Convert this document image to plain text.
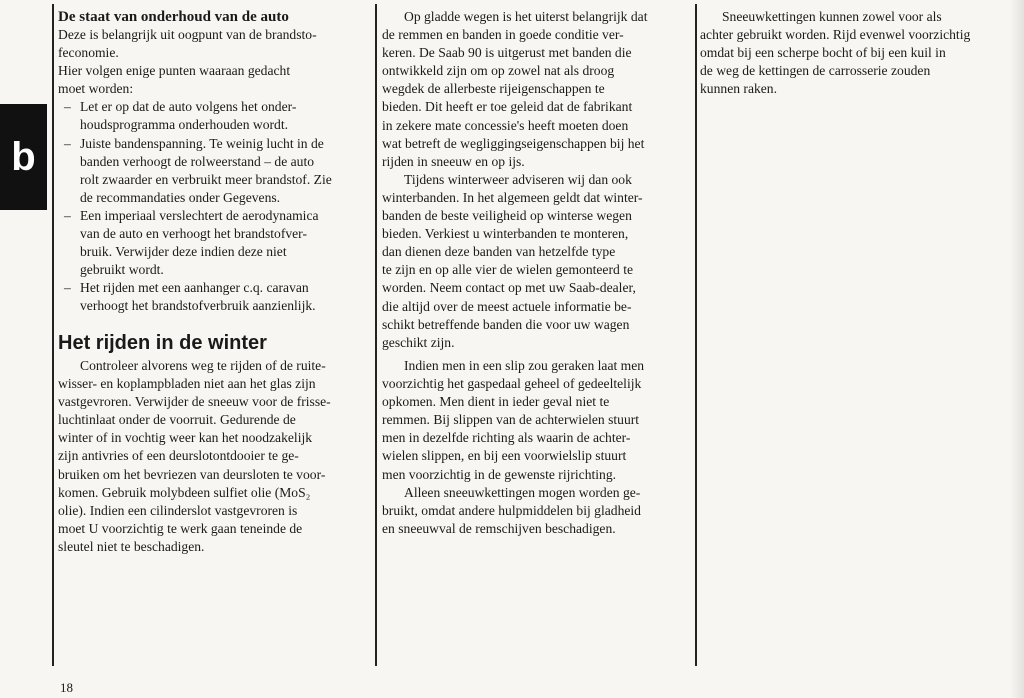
b
De staat van onderhoud van de auto
Deze is belangrijk uit oogpunt van de brandsto-
feconomie.
Hier volgen enige punten waaraan gedacht
moet worden:
– Let er op dat de auto volgens het onder-
houdsprogramma onderhouden wordt.
– Juiste bandenspanning. Te weinig lucht in de
banden verhoogt de rolweerstand – de auto
rolt zwaarder en verbruikt meer brandstof. Zie
de recommandaties onder Gegevens.
– Een imperiaal verslechtert de aerodynamica
van de auto en verhoogt het brandstofver-
bruik. Verwijder deze indien deze niet
gebruikt wordt.
– Het rijden met een aanhanger c.q. caravan
verhoogt het brandstofverbruik aanzienlijk.
Het rijden in de winter
Controleer alvorens weg te rijden of de ruite-
wisser- en koplampbladen niet aan het glas zijn
vastgevroren. Verwijder de sneeuw voor de frisse-
luchtinlaat onder de voorruit. Gedurende de
winter of in vochtig weer kan het noodzakelijk
zijn antivries of een deurslotontdooier te ge-
bruiken om het bevriezen van deursloten te voor-
komen. Gebruik molybdeen sulfiet olie (MoS₂
olie). Indien een cilinderslot vastgevroren is
moet U voorzichtig te werk gaan teneinde de
sleutel niet te beschadigen.
Op gladde wegen is het uiterst belangrijk dat
de remmen en banden in goede conditie ver-
keren. De Saab 90 is uitgerust met banden die
ontwikkeld zijn om op zowel nat als droog
wegdek de allerbeste rijeigenschappen te
bieden. Dit heeft er toe geleid dat de fabrikant
in zekere mate concessie's heeft moeten doen
wat betreft de wegliggingseigenschappen bij het
rijden in sneeuw en op ijs.
Tijdens winterweer adviseren wij dan ook
winterbanden. In het algemeen geldt dat winter-
banden de beste veiligheid op winterse wegen
bieden. Verkiest u winterbanden te monteren,
dan dienen deze banden van hetzelfde type
te zijn en op alle vier de wielen gemonteerd te
worden. Neem contact op met uw Saab-dealer,
die altijd over de meest actuele informatie be-
schikt betreffende banden die voor uw wagen
geschikt zijn.
Indien men in een slip zou geraken laat men
voorzichtig het gaspedaal geheel of gedeeltelijk
opkomen. Men dient in ieder geval niet te
remmen. Bij slippen van de achterwielen stuurt
men in dezelfde richting als waarin de achter-
wielen slippen, en bij een voorwielslip stuurt
men voorzichtig in de gewenste rijrichting.
Alleen sneeuwkettingen mogen worden ge-
bruikt, omdat andere hulpmiddelen bij gladheid
en sneeuwval de remschijven beschadigen.
Sneeuwkettingen kunnen zowel voor als
achter gebruikt worden. Rijd evenwel voorzichtig
omdat bij een scherpe bocht of bij een kuil in
de weg de kettingen de carrosserie zouden
kunnen raken.
18
